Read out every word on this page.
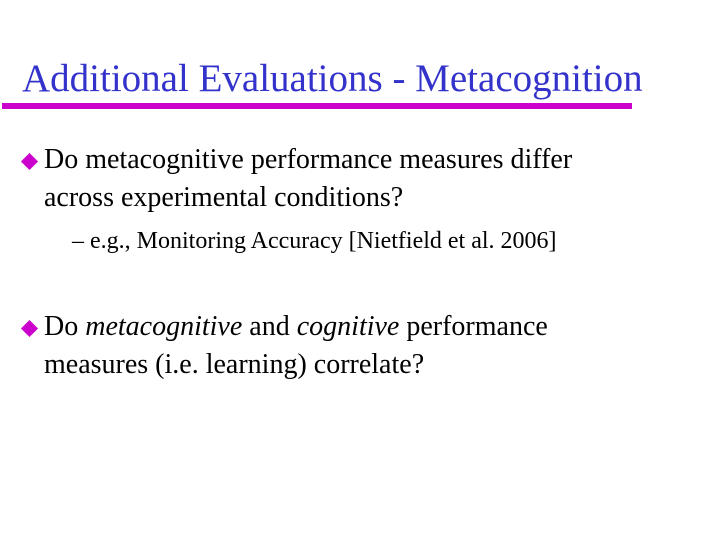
Additional Evaluations - Metacognition
Do metacognitive performance measures differ
across experimental conditions?
– e.g., Monitoring Accuracy [Nietfield et al. 2006]
Do metacognitive and cognitive performance
measures (i.e. learning) correlate?
